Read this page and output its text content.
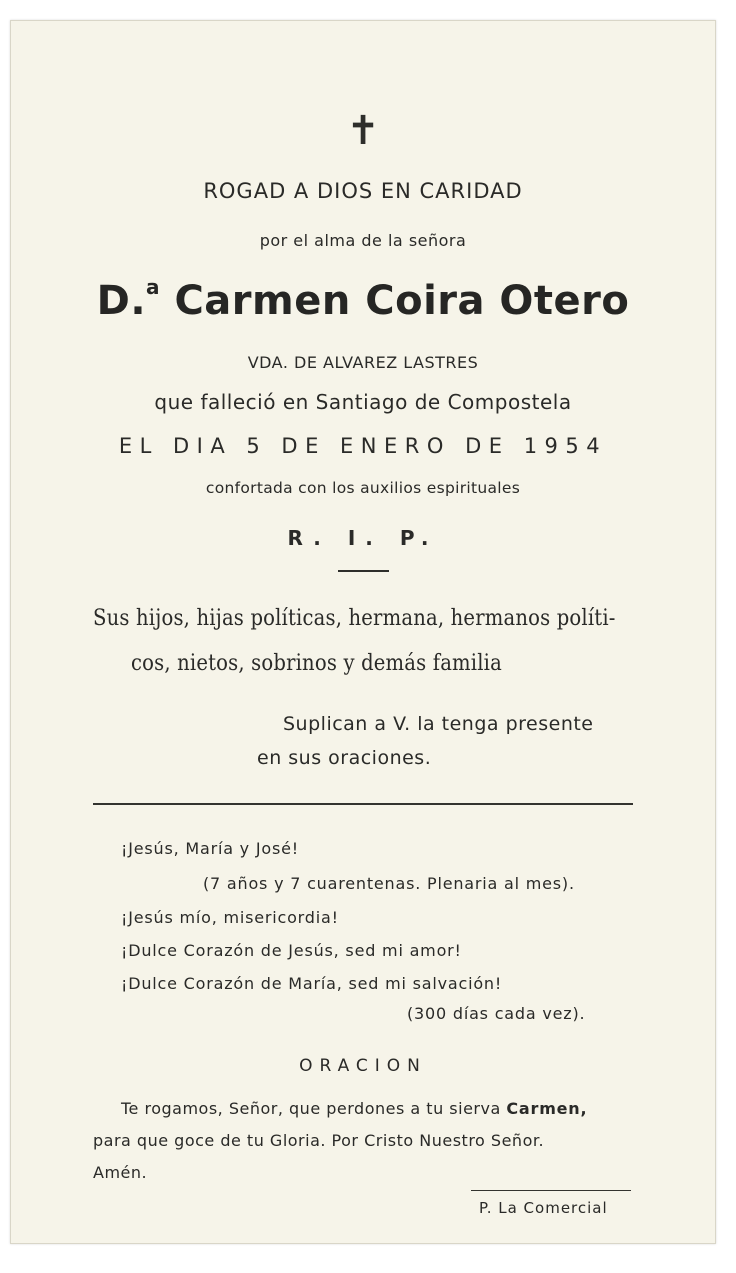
✝
ROGAD A DIOS EN CARIDAD
por el alma de la señora
D.$^a$ Carmen Coira Otero
VDA. DE ALVAREZ LASTRES
que falleció en Santiago de Compostela
EL DIA 5 DE ENERO DE 1954
confortada con los auxilios espirituales
R. I. P.
Sus hijos, hijas políticas, hermana, hermanos políti-
cos, nietos, sobrinos y demás familia
Suplican a V. la tenga presente
en sus oraciones.
¡Jesús, María y José!
(7 años y 7 cuarentenas. Plenaria al mes).
¡Jesús mío, misericordia!
¡Dulce Corazón de Jesús, sed mi amor!
¡Dulce Corazón de María, sed mi salvación!
(300 días cada vez).
ORACION
Te rogamos, Señor, que perdones a tu sierva Carmen,
para que goce de tu Gloria. Por Cristo Nuestro Señor.
Amén.
P. La Comercial
